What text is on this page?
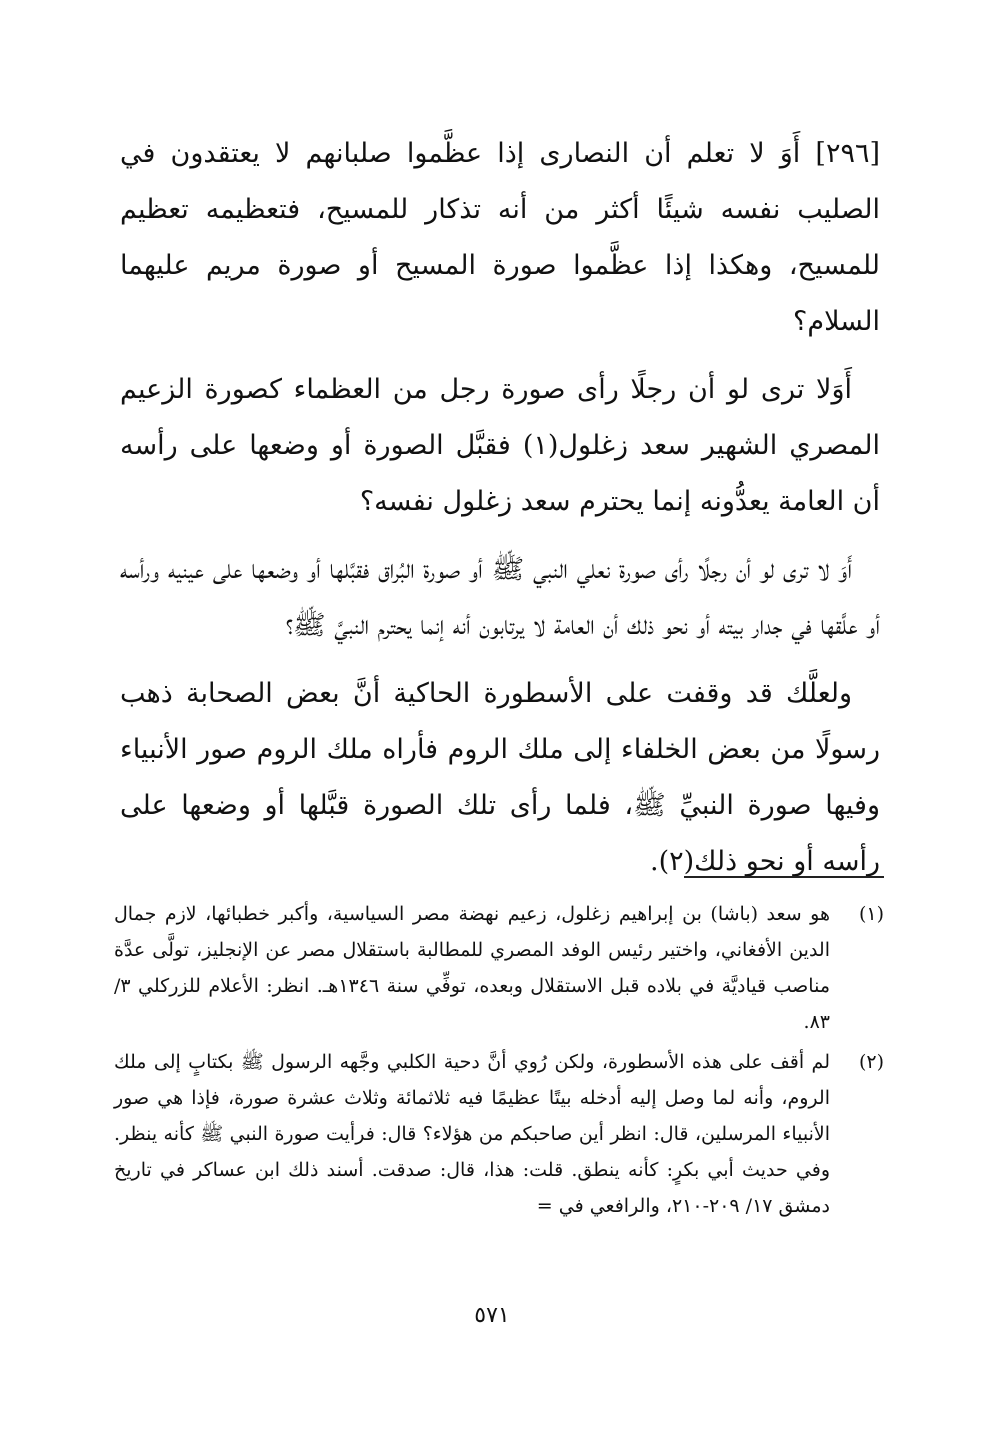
[٢٩٦] أَوَ لا تعلم أن النصارى إذا عظَّموا صلبانهم لا يعتقدون في الصليب نفسه شيئًا أكثر من أنه تذكار للمسيح، فتعظيمه تعظيم للمسيح، وهكذا إذا عظَّموا صورة المسيح أو صورة مريم عليهما السلام؟

أَوَلا ترى لو أن رجلًا رأى صورة رجل من العظماء كصورة الزعيم المصري الشهير سعد زغلول(١) فقبَّل الصورة أو وضعها على رأسه أن العامة يعدُّونه إنما يحترم سعد زغلول نفسه؟

أَوَ لا ترى لو أن رجلًا رأى صورة نعلي النبي ﷺ أو صورة البُراق فقبَّلها أو وضعها على عينيه ورأسه أو علَّقها في جدار بيته أو نحو ذلك أن العامة لا يرتابون أنه إنما يحترم النبيَّ ﷺ؟

ولعلَّك قد وقفت على الأسطورة الحاكية أنَّ بعض الصحابة ذهب رسولًا من بعض الخلفاء إلى ملك الروم فأراه ملك الروم صور الأنبياء وفيها صورة النبيِّ ﷺ، فلما رأى تلك الصورة قبَّلها أو وضعها على رأسه أو نحو ذلك(٢).

(١)
هو سعد (باشا) بن إبراهيم زغلول، زعيم نهضة مصر السياسية، وأكبر خطبائها، لازم جمال الدين الأفغاني، واختير رئيس الوفد المصري للمطالبة باستقلال مصر عن الإنجليز، تولَّى عدَّة مناصب قياديَّة في بلاده قبل الاستقلال وبعده، توفِّي سنة ١٣٤٦هـ. انظر: الأعلام للزركلي ٣/ ٨٣.
(٢)
لم أقف على هذه الأسطورة، ولكن رُوي أنَّ دحية الكلبي وجَّهه الرسول ﷺ بكتابٍ إلى ملك الروم، وأنه لما وصل إليه أدخله بيتًا عظيمًا فيه ثلاثمائة وثلاث عشرة صورة، فإذا هي صور الأنبياء المرسلين، قال: انظر أين صاحبكم من هؤلاء؟ قال: فرأيت صورة النبي ﷺ كأنه ينظر. وفي حديث أبي بكرٍ: كأنه ينطق. قلت: هذا، قال: صدقت. أسند ذلك ابن عساكر في تاريخ دمشق ١٧/ ٢٠٩-٢١٠، والرافعي في =
٥٧١
